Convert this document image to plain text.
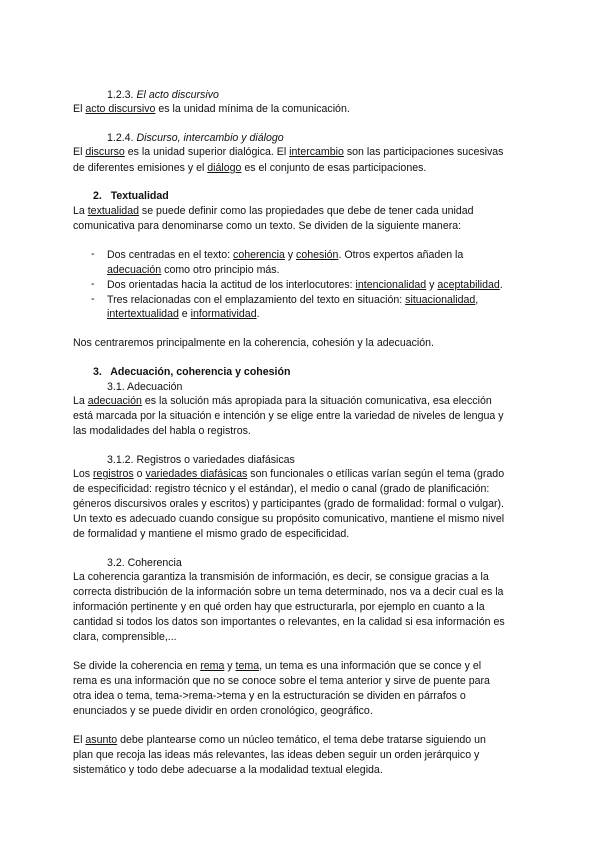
1.2.3. El acto discursivo
El acto discursivo es la unidad mínima de la comunicación.
1.2.4. Discurso, intercambio y diálogo
El discurso es la unidad superior dialógica. El intercambio son las participaciones sucesivas
de diferentes emisiones y el diálogo es el conjunto de esas participaciones.
2. Textualidad
La textualidad se puede definir como las propiedades que debe de tener cada unidad
comunicativa para denominarse como un texto. Se dividen de la siguiente manera:
- Dos centradas en el texto: coherencia y cohesión. Otros expertos añaden la
adecuación como otro principio más.
- Dos orientadas hacia la actitud de los interlocutores: intencionalidad y aceptabilidad.
- Tres relacionadas con el emplazamiento del texto en situación: situacionalidad,
intertextualidad e informatividad.
Nos centraremos principalmente en la coherencia, cohesión y la adecuación.
3. Adecuación, coherencia y cohesión
3.1. Adecuación
La adecuación es la solución más apropiada para la situación comunicativa, esa elección
está marcada por la situación e intención y se elige entre la variedad de niveles de lengua y
las modalidades del habla o registros.
3.1.2. Registros o variedades diafásicas
Los registros o variedades diafásicas son funcionales o etílicas varían según el tema (grado
de especificidad: registro técnico y el estándar), el medio o canal (grado de planificación:
géneros discursivos orales y escritos) y participantes (grado de formalidad: formal o vulgar).
Un texto es adecuado cuando consigue su propósito comunicativo, mantiene el mismo nivel
de formalidad y mantiene el mismo grado de especificidad.
3.2. Coherencia
La coherencia garantiza la transmisión de información, es decir, se consigue gracias a la
correcta distribución de la información sobre un tema determinado, nos va a decir cual es la
información pertinente y en qué orden hay que estructurarla, por ejemplo en cuanto a la
cantidad si todos los datos son importantes o relevantes, en la calidad si esa información es
clara, comprensible,...
Se divide la coherencia en rema y tema, un tema es una información que se conce y el
rema es una información que no se conoce sobre el tema anterior y sirve de puente para
otra idea o tema, tema->rema->tema y en la estructuración se dividen en párrafos o
enunciados y se puede dividir en orden cronológico, geográfico.
El asunto debe plantearse como un núcleo temático, el tema debe tratarse siguiendo un
plan que recoja las ideas más relevantes, las ideas deben seguir un orden jerárquico y
sistemático y todo debe adecuarse a la modalidad textual elegida.
